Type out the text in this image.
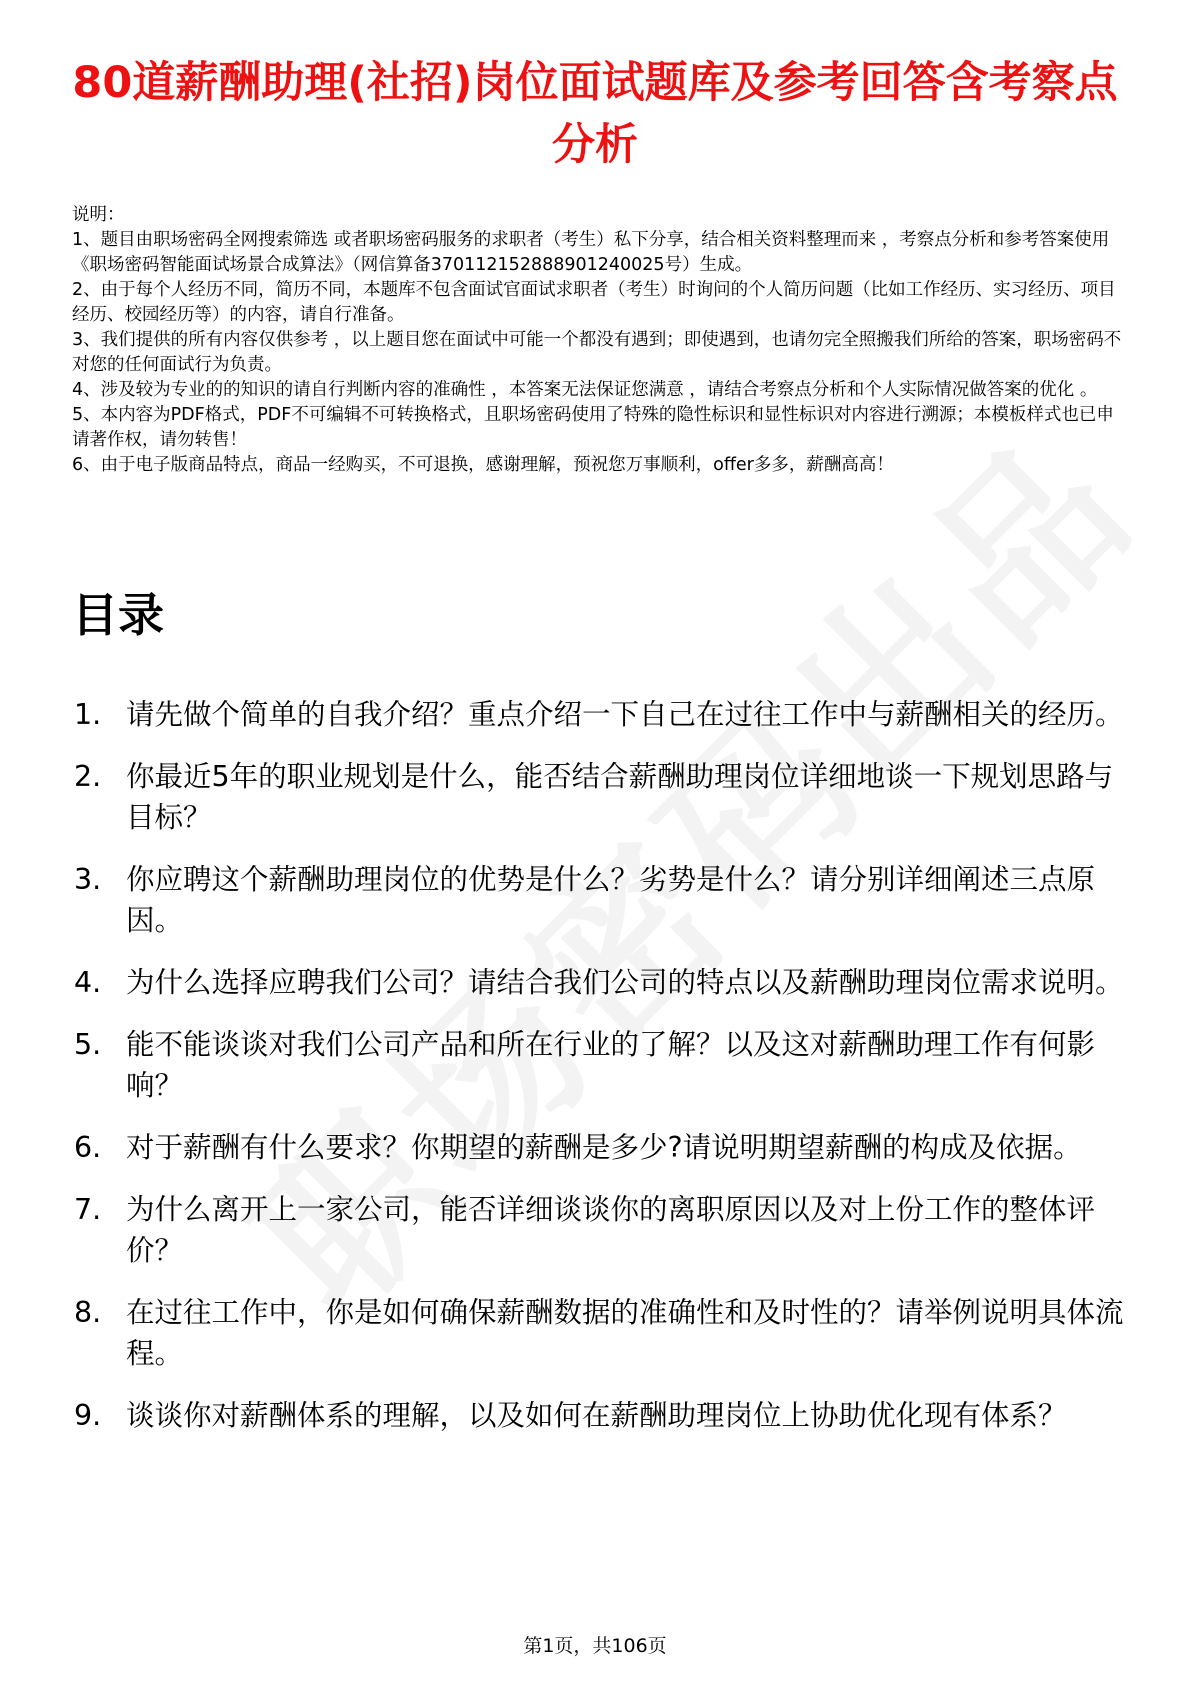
80道薪酬助理(社招)岗位面试题库及参考回答含考察点分析
说明：
1、题目由职场密码全网搜索筛选 或者职场密码服务的求职者（考生）私下分享，结合相关资料整理而来 ，考察点分析和参考答案使用《职场密码智能面试场景合成算法》（网信算备370112152888901240025号）生成。
2、由于每个人经历不同，简历不同，本题库不包含面试官面试求职者（考生）时询问的个人简历问题（比如工作经历、实习经历、项目经历、校园经历等）的内容，请自行准备。
3、我们提供的所有内容仅供参考 ，以上题目您在面试中可能一个都没有遇到；即使遇到，也请勿完全照搬我们所给的答案，职场密码不对您的任何面试行为负责。
4、涉及较为专业的的知识的请自行判断内容的准确性 ，本答案无法保证您满意 ，请结合考察点分析和个人实际情况做答案的优化 。
5、本内容为PDF格式，PDF不可编辑不可转换格式，且职场密码使用了特殊的隐性标识和显性标识对内容进行溯源；本模板样式也已申请著作权，请勿转售！
6、由于电子版商品特点，商品一经购买，不可退换，感谢理解，预祝您万事顺利，offer多多，薪酬高高！
目录
1. 请先做个简单的自我介绍？重点介绍一下自己在过往工作中与薪酬相关的经历。
2. 你最近5年的职业规划是什么，能否结合薪酬助理岗位详细地谈一下规划思路与目标？
3. 你应聘这个薪酬助理岗位的优势是什么？劣势是什么？请分别详细阐述三点原因。
4. 为什么选择应聘我们公司？请结合我们公司的特点以及薪酬助理岗位需求说明。
5. 能不能谈谈对我们公司产品和所在行业的了解？以及这对薪酬助理工作有何影响？
6. 对于薪酬有什么要求？你期望的薪酬是多少?请说明期望薪酬的构成及依据。
7. 为什么离开上一家公司，能否详细谈谈你的离职原因以及对上份工作的整体评价？
8. 在过往工作中，你是如何确保薪酬数据的准确性和及时性的？请举例说明具体流程。
9. 谈谈你对薪酬体系的理解，以及如何在薪酬助理岗位上协助优化现有体系？
第1页，共106页
